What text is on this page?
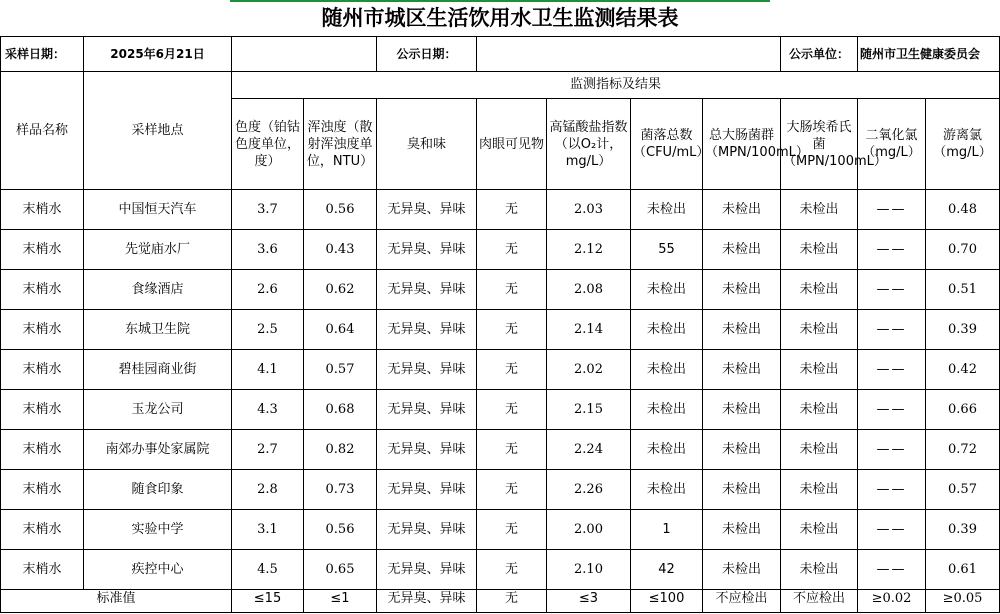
随州市城区生活饮用水卫生监测结果表											
采样日期：	2025年6月21日			公示日期：					公示单位：	随州市卫生健康委员会	
样品名称	采样地点	监测指标及结果									
		色度（铂钴色度单位，度）	浑浊度（散射浑浊度单位，NTU）	臭和味	肉眼可见物	高锰酸盐指数（以O₂计，mg/L）	菌落总数（CFU/mL）	总大肠菌群（MPN/100mL）	大肠埃希氏菌（MPN/100mL）	二氧化氯（mg/L）	游离氯（mg/L）
末梢水	中国恒天汽车	3.7	0.56	无异臭、异味	无	2.03	未检出	未检出	未检出	——	0.48
末梢水	先觉庙水厂	3.6	0.43	无异臭、异味	无	2.12	55	未检出	未检出	——	0.70
末梢水	食缘酒店	2.6	0.62	无异臭、异味	无	2.08	未检出	未检出	未检出	——	0.51
末梢水	东城卫生院	2.5	0.64	无异臭、异味	无	2.14	未检出	未检出	未检出	——	0.39
末梢水	碧桂园商业街	4.1	0.57	无异臭、异味	无	2.02	未检出	未检出	未检出	——	0.42
末梢水	玉龙公司	4.3	0.68	无异臭、异味	无	2.15	未检出	未检出	未检出	——	0.66
末梢水	南郊办事处家属院	2.7	0.82	无异臭、异味	无	2.24	未检出	未检出	未检出	——	0.72
末梢水	随食印象	2.8	0.73	无异臭、异味	无	2.26	未检出	未检出	未检出	——	0.57
末梢水	实验中学	3.1	0.56	无异臭、异味	无	2.00	1	未检出	未检出	——	0.39
末梢水	疾控中心	4.5	0.65	无异臭、异味	无	2.10	42	未检出	未检出	——	0.61
标准值		≤15	≤1	无异臭、异味	无	≤3	≤100	不应检出	不应检出	≥0.02	≥0.05
